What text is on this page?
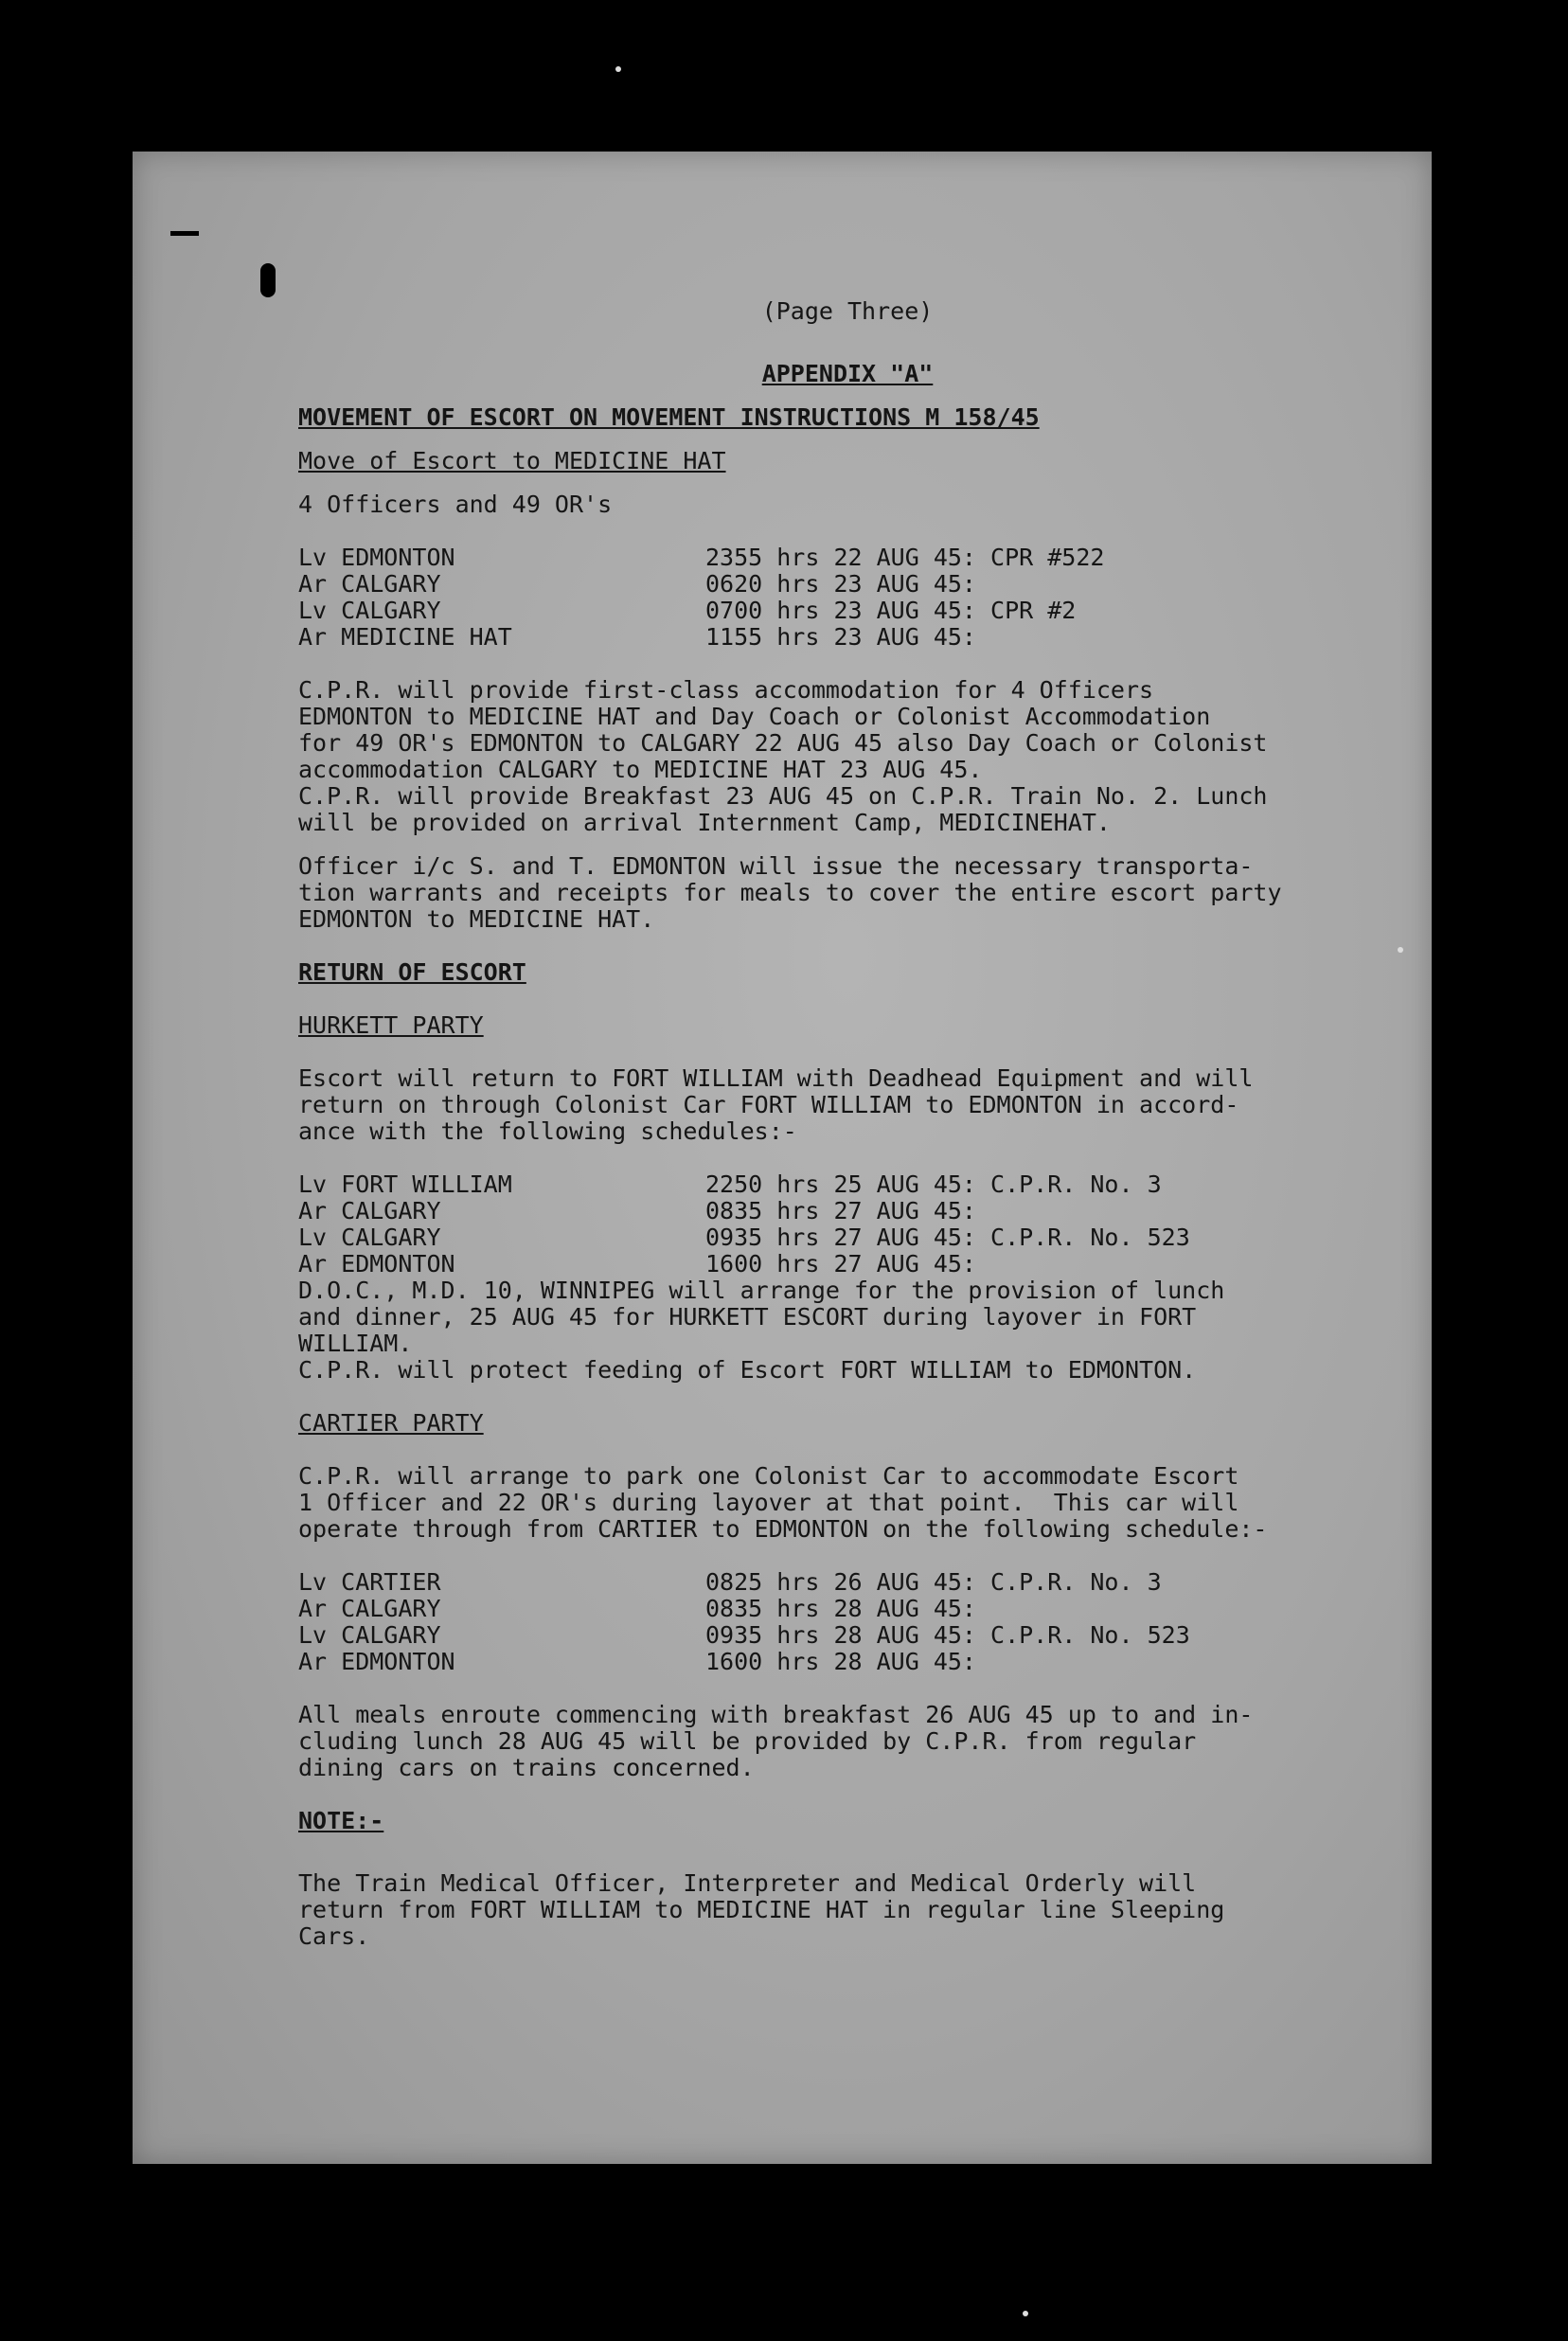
(Page Three)

APPENDIX "A"

MOVEMENT OF ESCORT ON MOVEMENT INSTRUCTIONS M 158/45

Move of Escort to MEDICINE HAT

4 Officers and 49 OR's

Lv EDMONTON	2355 hrs 22 AUG 45: CPR #522
Ar CALGARY	0620 hrs 23 AUG 45:
Lv CALGARY	0700 hrs 23 AUG 45: CPR #2
Ar MEDICINE HAT	1155 hrs 23 AUG 45:

C.P.R. will provide first-class accommodation for 4 Officers
EDMONTON to MEDICINE HAT and Day Coach or Colonist Accommodation
for 49 OR's EDMONTON to CALGARY 22 AUG 45 also Day Coach or Colonist
accommodation CALGARY to MEDICINE HAT 23 AUG 45.
C.P.R. will provide Breakfast 23 AUG 45 on C.P.R. Train No. 2. Lunch
will be provided on arrival Internment Camp, MEDICINEHAT.

Officer i/c S. and T. EDMONTON will issue the necessary transporta-
tion warrants and receipts for meals to cover the entire escort party
EDMONTON to MEDICINE HAT.

RETURN OF ESCORT

HURKETT PARTY

Escort will return to FORT WILLIAM with Deadhead Equipment and will
return on through Colonist Car FORT WILLIAM to EDMONTON in accord-
ance with the following schedules:-

Lv FORT WILLIAM	2250 hrs 25 AUG 45: C.P.R. No. 3
Ar CALGARY	0835 hrs 27 AUG 45:
Lv CALGARY	0935 hrs 27 AUG 45: C.P.R. No. 523
Ar EDMONTON	1600 hrs 27 AUG 45:

D.O.C., M.D. 10, WINNIPEG will arrange for the provision of lunch
and dinner, 25 AUG 45 for HURKETT ESCORT during layover in FORT
WILLIAM.
C.P.R. will protect feeding of Escort FORT WILLIAM to EDMONTON.

CARTIER PARTY

C.P.R. will arrange to park one Colonist Car to accommodate Escort
1 Officer and 22 OR's during layover at that point.  This car will
operate through from CARTIER to EDMONTON on the following schedule:-

Lv CARTIER	0825 hrs 26 AUG 45: C.P.R. No. 3
Ar CALGARY	0835 hrs 28 AUG 45:
Lv CALGARY	0935 hrs 28 AUG 45: C.P.R. No. 523
Ar EDMONTON	1600 hrs 28 AUG 45:

All meals enroute commencing with breakfast 26 AUG 45 up to and in-
cluding lunch 28 AUG 45 will be provided by C.P.R. from regular
dining cars on trains concerned.

NOTE:-

The Train Medical Officer, Interpreter and Medical Orderly will
return from FORT WILLIAM to MEDICINE HAT in regular line Sleeping
Cars.
